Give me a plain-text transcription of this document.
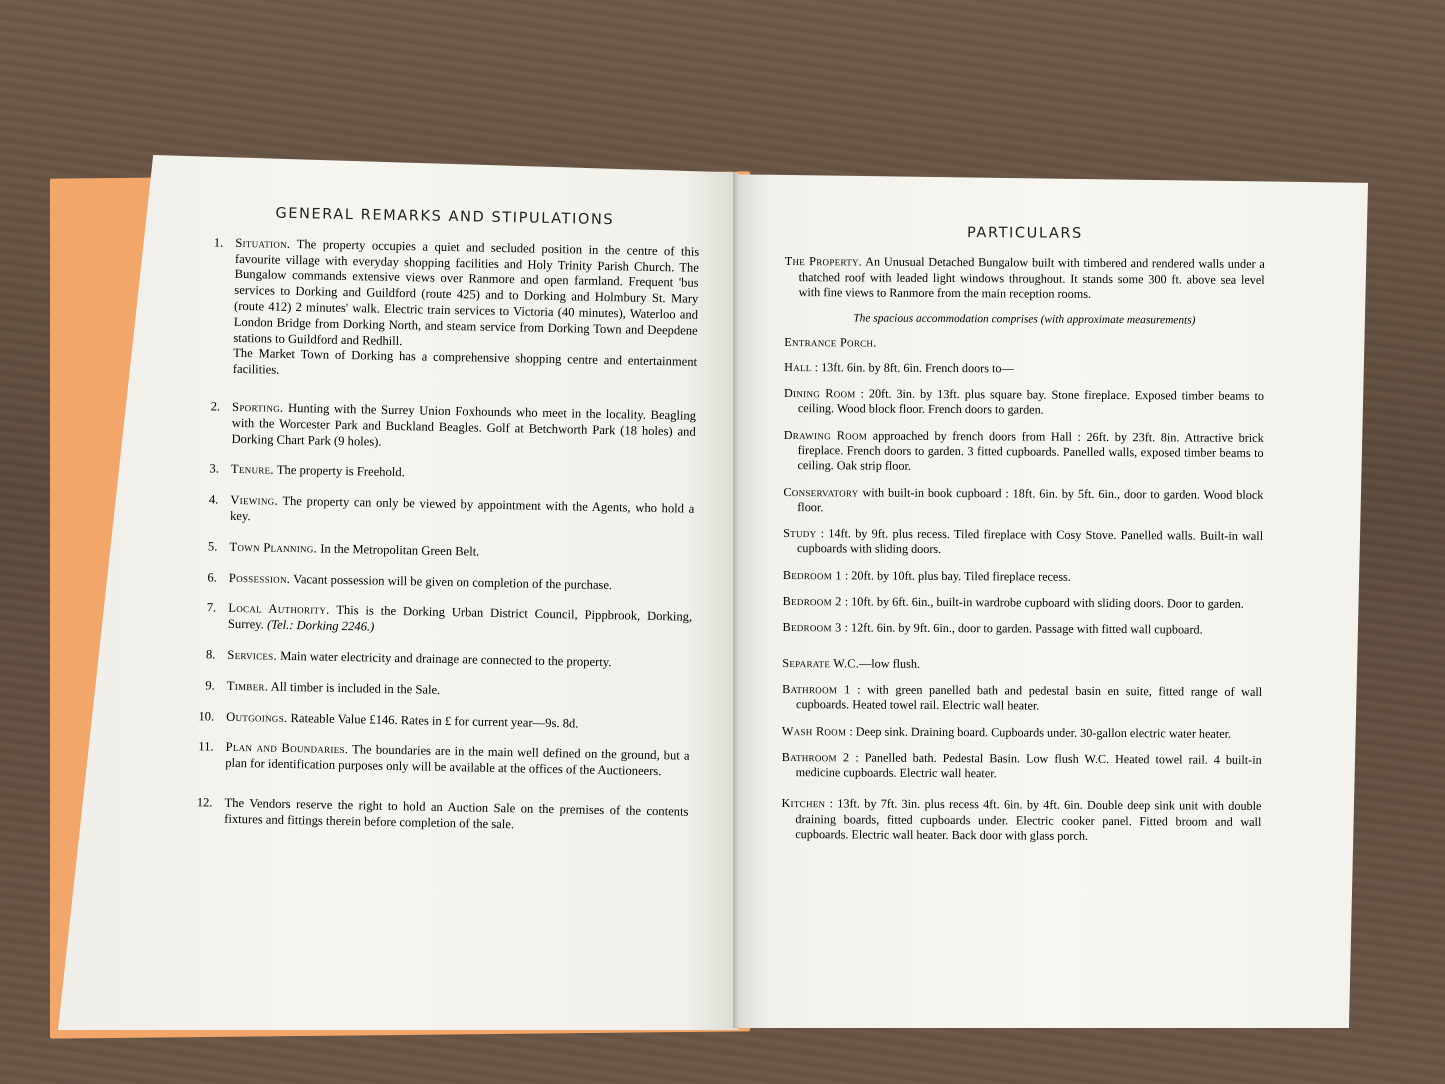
GENERAL REMARKS AND STIPULATIONS
1. Situation. The property occupies a quiet and secluded position in the centre of this favourite village with everyday shopping facilities and Holy Trinity Parish Church. The Bungalow commands extensive views over Ranmore and open farmland. Frequent 'bus services to Dorking and Guildford (route 425) and to Dorking and Holmbury St. Mary (route 412) 2 minutes' walk. Electric train services to Victoria (40 minutes), Waterloo and London Bridge from Dorking North, and steam service from Dorking Town and Deepdene stations to Guildford and Redhill.
The Market Town of Dorking has a comprehensive shopping centre and entertainment facilities.
2. Sporting. Hunting with the Surrey Union Foxhounds who meet in the locality. Beagling with the Worcester Park and Buckland Beagles. Golf at Betchworth Park (18 holes) and Dorking Chart Park (9 holes).
3. Tenure. The property is Freehold.
4. Viewing. The property can only be viewed by appointment with the Agents, who hold a key.
5. Town Planning. In the Metropolitan Green Belt.
6. Possession. Vacant possession will be given on completion of the purchase.
7. Local Authority. This is the Dorking Urban District Council, Pippbrook, Dorking, Surrey. (Tel.: Dorking 2246.)
8. Services. Main water electricity and drainage are connected to the property.
9. Timber. All timber is included in the Sale.
10. Outgoings. Rateable Value £146. Rates in £ for current year—9s. 8d.
11. Plan and Boundaries. The boundaries are in the main well defined on the ground, but a plan for identification purposes only will be available at the offices of the Auctioneers.
12. The Vendors reserve the right to hold an Auction Sale on the premises of the contents fixtures and fittings therein before completion of the sale.
PARTICULARS
The Property. An Unusual Detached Bungalow built with timbered and rendered walls under a thatched roof with leaded light windows throughout. It stands some 300 ft. above sea level with fine views to Ranmore from the main reception rooms.
The spacious accommodation comprises (with approximate measurements)
Entrance Porch.
Hall : 13ft. 6in. by 8ft. 6in. French doors to—
Dining Room : 20ft. 3in. by 13ft. plus square bay. Stone fireplace. Exposed timber beams to ceiling. Wood block floor. French doors to garden.
Drawing Room approached by french doors from Hall : 26ft. by 23ft. 8in. Attractive brick fireplace. French doors to garden. 3 fitted cupboards. Panelled walls, exposed timber beams to ceiling. Oak strip floor.
Conservatory with built-in book cupboard : 18ft. 6in. by 5ft. 6in., door to garden. Wood block floor.
Study : 14ft. by 9ft. plus recess. Tiled fireplace with Cosy Stove. Panelled walls. Built-in wall cupboards with sliding doors.
Bedroom 1 : 20ft. by 10ft. plus bay. Tiled fireplace recess.
Bedroom 2 : 10ft. by 6ft. 6in., built-in wardrobe cupboard with sliding doors. Door to garden.
Bedroom 3 : 12ft. 6in. by 9ft. 6in., door to garden. Passage with fitted wall cupboard.
Separate W.C.—low flush.
Bathroom 1 : with green panelled bath and pedestal basin en suite, fitted range of wall cupboards. Heated towel rail. Electric wall heater.
Wash Room : Deep sink. Draining board. Cupboards under. 30-gallon electric water heater.
Bathroom 2 : Panelled bath. Pedestal Basin. Low flush W.C. Heated towel rail. 4 built-in medicine cupboards. Electric wall heater.
Kitchen : 13ft. by 7ft. 3in. plus recess 4ft. 6in. by 4ft. 6in. Double deep sink unit with double draining boards, fitted cupboards under. Electric cooker panel. Fitted broom and wall cupboards. Electric wall heater. Back door with glass porch.
